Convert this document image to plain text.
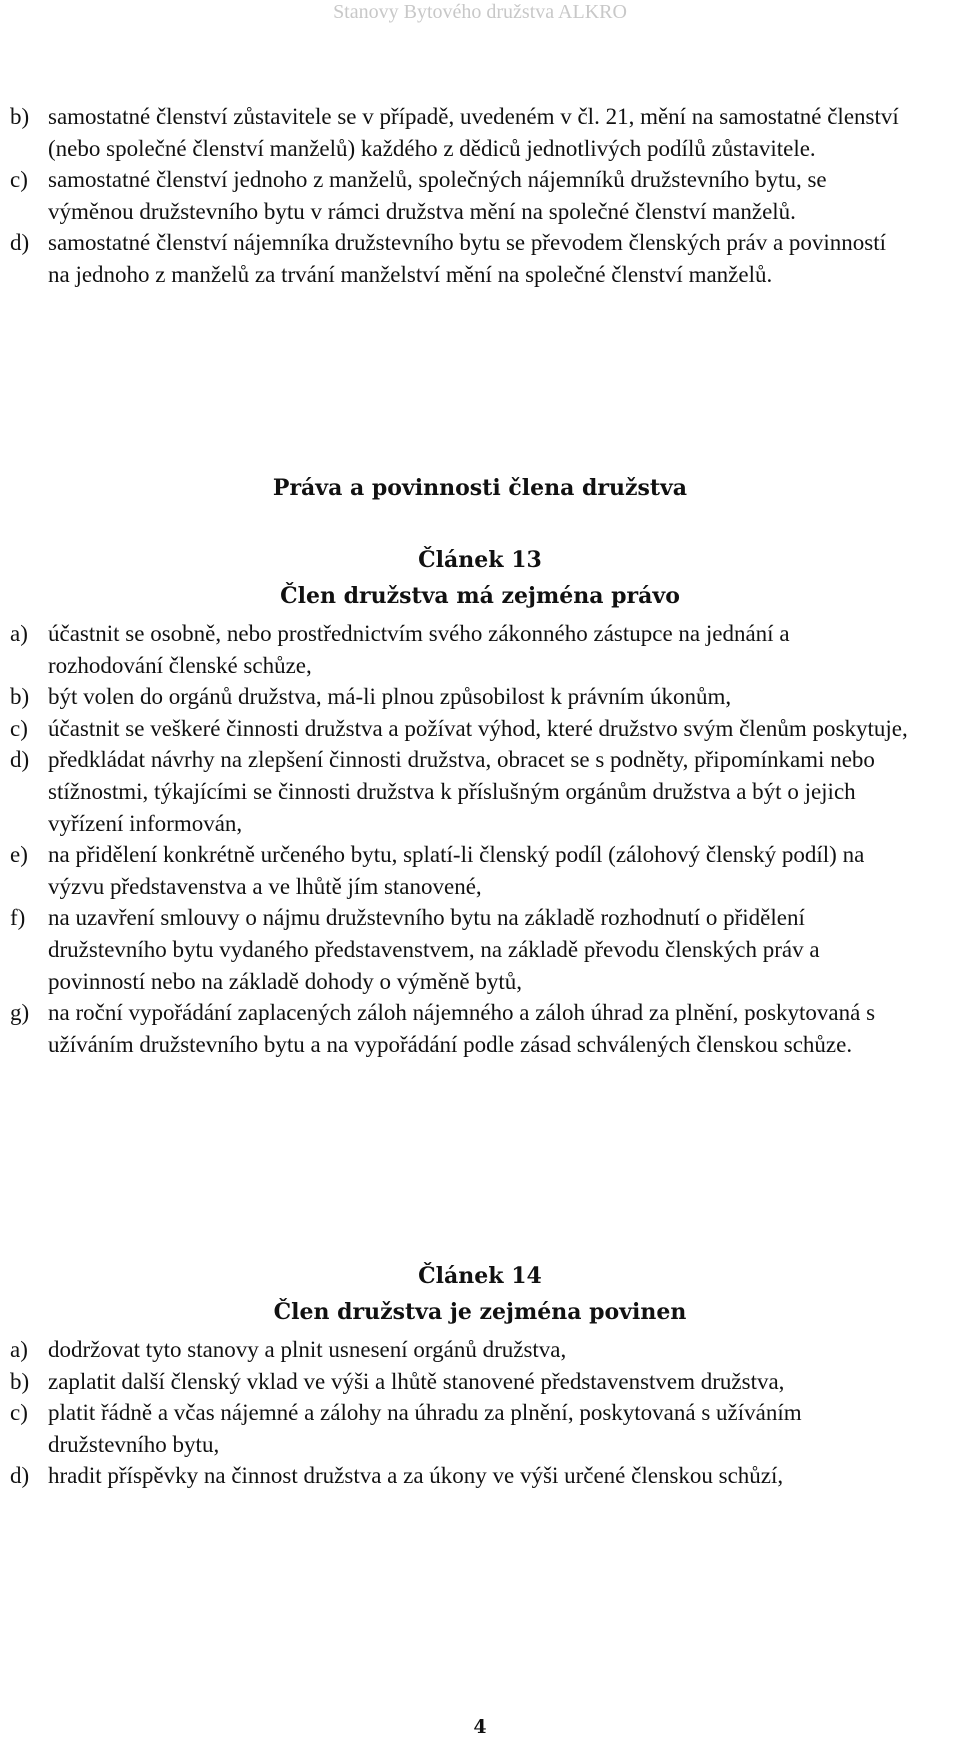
Stanovy Bytového družstva ALKRO
b) samostatné členství zůstavitele se v případě, uvedeném v čl. 21, mění na samostatné členství (nebo společné členství manželů) každého z dědiců jednotlivých podílů zůstavitele.
c) samostatné členství jednoho z manželů, společných nájemníků družstevního bytu, se výměnou družstevního bytu v rámci družstva mění na společné členství manželů.
d) samostatné členství nájemníka družstevního bytu se převodem členských práv a povinností na jednoho z manželů za trvání manželství mění na společné členství manželů.
Práva a povinnosti člena družstva
Článek 13
Člen družstva má zejména právo
a) účastnit se osobně, nebo prostřednictvím svého zákonného zástupce na jednání a rozhodování členské schůze,
b) být volen do orgánů družstva, má-li plnou způsobilost k právním úkonům,
c) účastnit se veškeré činnosti družstva a požívat výhod, které družstvo svým členům poskytuje,
d) předkládat návrhy na zlepšení činnosti družstva, obracet se s podněty, připomínkami nebo stížnostmi, týkajícími se činnosti družstva k příslušným orgánům družstva a být o jejich vyřízení informován,
e) na přidělení konkrétně určeného bytu, splatí-li členský podíl (zálohový členský podíl) na výzvu představenstva a ve lhůtě jím stanovené,
f) na uzavření smlouvy o nájmu družstevního bytu na základě rozhodnutí o přidělení družstevního bytu vydaného představenstvem, na základě převodu členských práv a povinností nebo na základě dohody o výměně bytů,
g) na roční vypořádání zaplacených záloh nájemného a záloh úhrad za plnění, poskytovaná s užíváním družstevního bytu a na vypořádání podle zásad schválených členskou schůze.
Článek 14
Člen družstva je zejména povinen
a) dodržovat tyto stanovy a plnit usnesení orgánů družstva,
b) zaplatit další členský vklad ve výši a lhůtě stanovené představenstvem družstva,
c) platit řádně a včas nájemné a zálohy na úhradu za plnění, poskytovaná s užíváním družstevního bytu,
d) hradit příspěvky na činnost družstva a za úkony ve výši určené členskou schůzí,
4
